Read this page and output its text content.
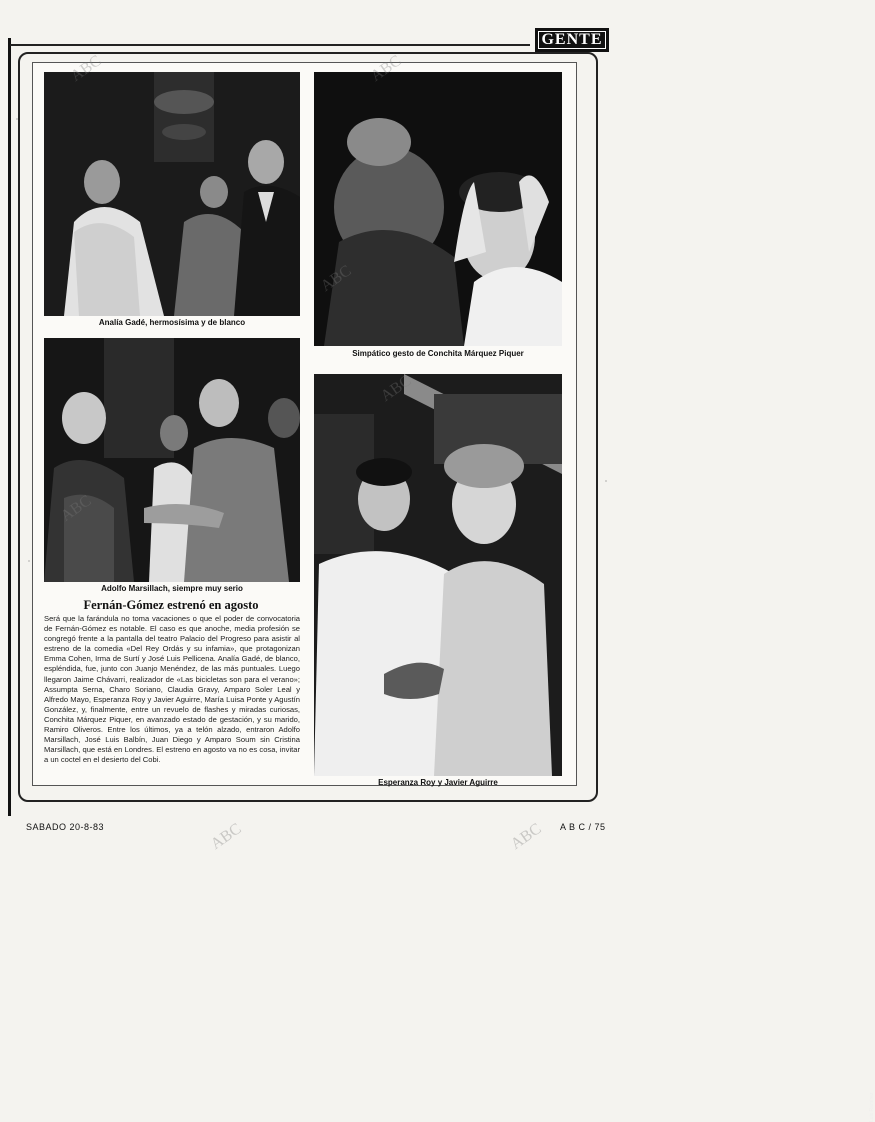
GENTE
Analía Gadé, hermosísima y de blanco
Simpático gesto de Conchita Márquez Piquer
Adolfo Marsillach, siempre muy serio
Luis Ramírez
Esperanza Roy y Javier Aguirre
Fernán-Gómez estrenó en agosto
Será que la farándula no toma vacaciones o que el poder de convocatoria de Fernán-Gómez es notable. El caso es que anoche, media profesión se congregó frente a la pantalla del teatro Palacio del Progreso para asistir al estreno de la comedia «Del Rey Ordás y su infamia», que protagonizan Emma Cohen, Irma de Surtí y José Luis Pellicena. Analía Gadé, de blanco, espléndida, fue, junto con Juanjo Menéndez, de las más puntuales. Luego llegaron Jaime Chávarri, realizador de «Las bicicletas son para el verano»; Assumpta Serna, Charo Soriano, Claudia Gravy, Amparo Soler Leal y Alfredo Mayo, Esperanza Roy y Javier Aguirre, María Luisa Ponte y Agustín González, y, finalmente, entre un revuelo de flashes y miradas curiosas, Conchita Márquez Piquer, en avanzado estado de gestación, y su marido, Ramiro Oliveros. Entre los últimos, ya a telón alzado, entraron Adolfo Marsillach, José Luis Balbín, Juan Diego y Amparo Soum sin Cristina Marsillach, que está en Londres. El estreno en agosto va no es cosa, invitar a un coctel en el desierto del Cobi.
ABC	ABC
ABC
ABC
ABC
ABC	ABC
SABADO 20-8-83	A B C / 75
